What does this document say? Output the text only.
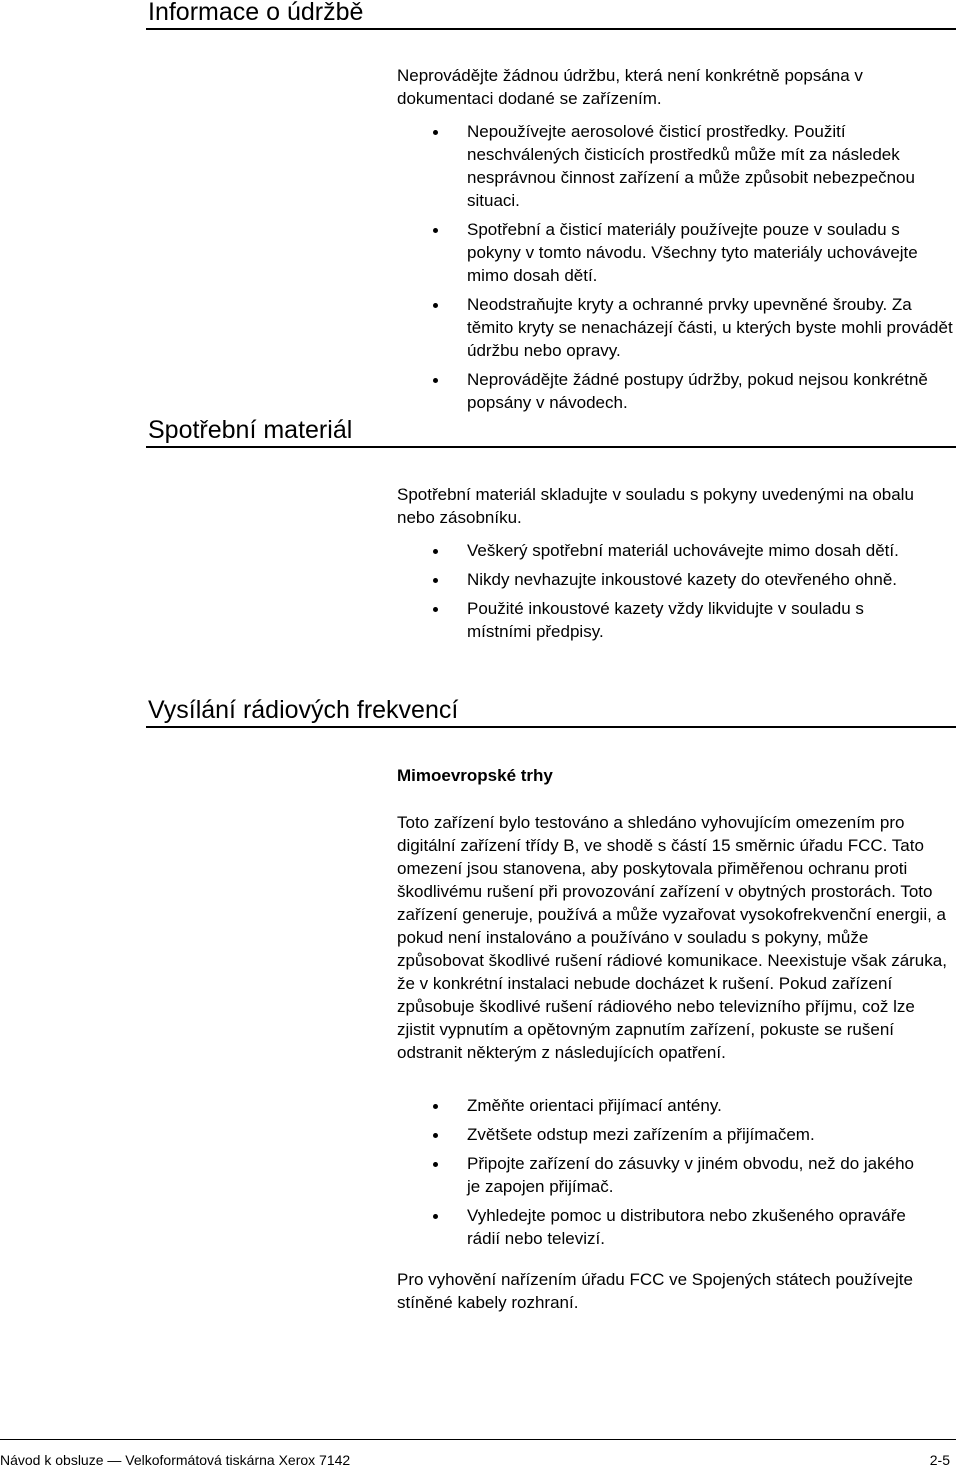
Informace o údržbě
Neprovádějte žádnou údržbu, která není konkrétně popsána v dokumentaci dodané se zařízením.
Nepoužívejte aerosolové čisticí prostředky. Použití neschválených čisticích prostředků může mít za následek nesprávnou činnost zařízení a může způsobit nebezpečnou situaci.
Spotřební a čisticí materiály používejte pouze v souladu s pokyny v tomto návodu. Všechny tyto materiály uchovávejte mimo dosah dětí.
Neodstraňujte kryty a ochranné prvky upevněné šrouby. Za těmito kryty se nenacházejí části, u kterých byste mohli provádět údržbu nebo opravy.
Neprovádějte žádné postupy údržby, pokud nejsou konkrétně popsány v návodech.
Spotřební materiál
Spotřební materiál skladujte v souladu s pokyny uvedenými na obalu nebo zásobníku.
Veškerý spotřební materiál uchovávejte mimo dosah dětí.
Nikdy nevhazujte inkoustové kazety do otevřeného ohně.
Použité inkoustové kazety vždy likvidujte v souladu s místními předpisy.
Vysílání rádiových frekvencí
Mimoevropské trhy
Toto zařízení bylo testováno a shledáno vyhovujícím omezením pro digitální zařízení třídy B, ve shodě s částí 15 směrnic úřadu FCC. Tato omezení jsou stanovena, aby poskytovala přiměřenou ochranu proti škodlivému rušení při provozování zařízení v obytných prostorách. Toto zařízení generuje, používá a může vyzařovat vysokofrekvenční energii, a pokud není instalováno a používáno v souladu s pokyny, může způsobovat škodlivé rušení rádiové komunikace. Neexistuje však záruka, že v konkrétní instalaci nebude docházet k rušení. Pokud zařízení způsobuje škodlivé rušení rádiového nebo televizního příjmu, což lze zjistit vypnutím a opětovným zapnutím zařízení, pokuste se rušení odstranit některým z následujících opatření.
Změňte orientaci přijímací antény.
Zvětšete odstup mezi zařízením a přijímačem.
Připojte zařízení do zásuvky v jiném obvodu, než do jakého je zapojen přijímač.
Vyhledejte pomoc u distributora nebo zkušeného opraváře rádií nebo televizí.
Pro vyhovění nařízením úřadu FCC ve Spojených státech používejte stíněné kabely rozhraní.
Návod k obsluze — Velkoformátová tiskárna Xerox 7142	2-5
